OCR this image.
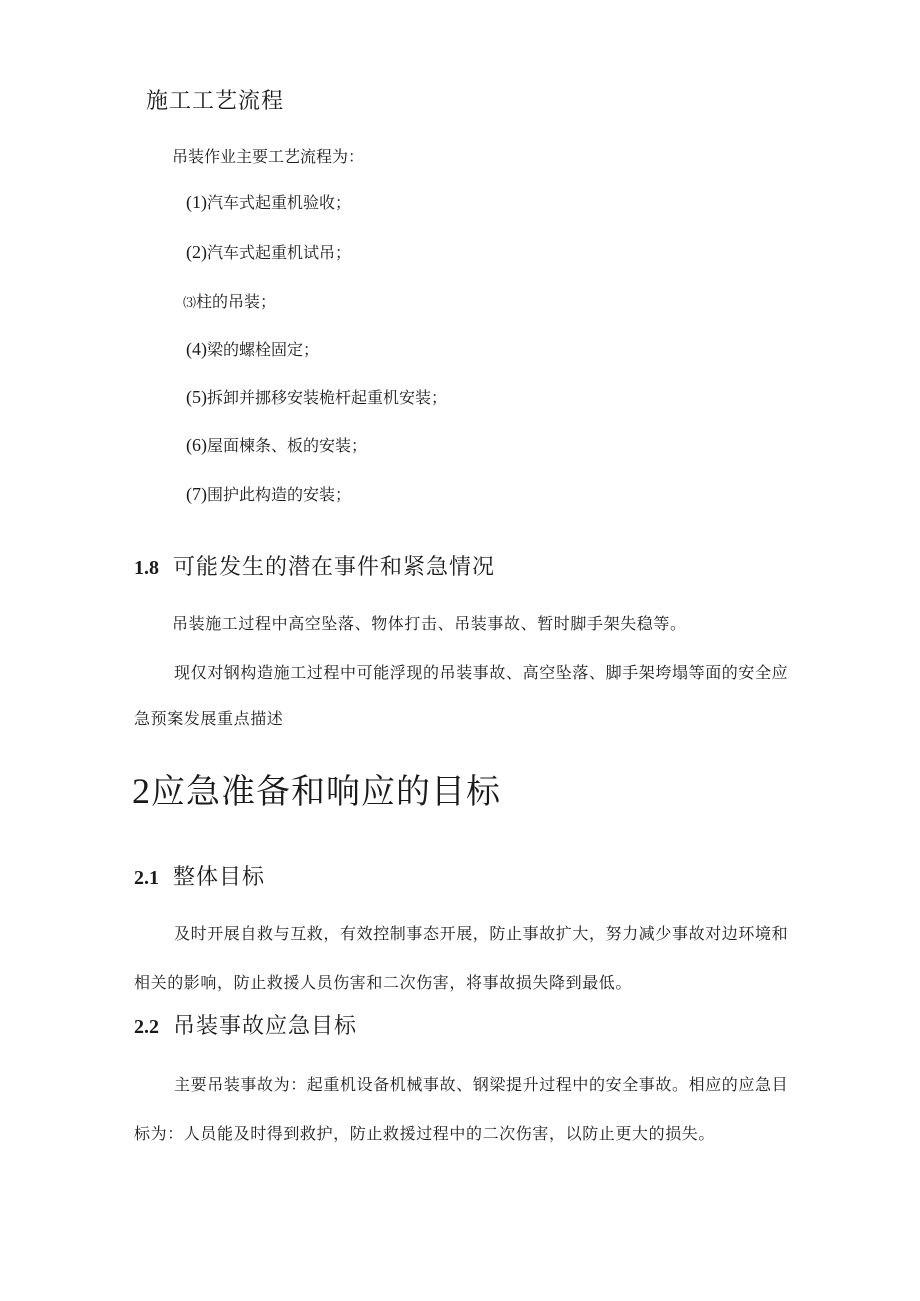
施工工艺流程
吊装作业主要工艺流程为：
(1)汽车式起重机验收；
(2)汽车式起重机试吊；
⑶柱的吊装；
(4)梁的螺栓固定；
(5)拆卸并挪移安装桅杆起重机安装；
(6)屋面楝条、板的安装；
(7)围护此构造的安装；
1.8 可能发生的潜在事件和紧急情况
吊装施工过程中高空坠落、物体打击、吊装事故、暂时脚手架失稳等。
现仅对钢构造施工过程中可能浮现的吊装事故、高空坠落、脚手架垮塌等面的安全应
急预案发展重点描述
2应急准备和响应的目标
2.1 整体目标
及时开展自救与互救，有效控制事态开展，防止事故扩大，努力减少事故对边环境和
相关的影响，防止救援人员伤害和二次伤害，将事故损失降到最低。
2.2 吊装事故应急目标
主要吊装事故为：起重机设备机械事故、钢梁提升过程中的安全事故。相应的应急目
标为：人员能及时得到救护，防止救援过程中的二次伤害，以防止更大的损失。
